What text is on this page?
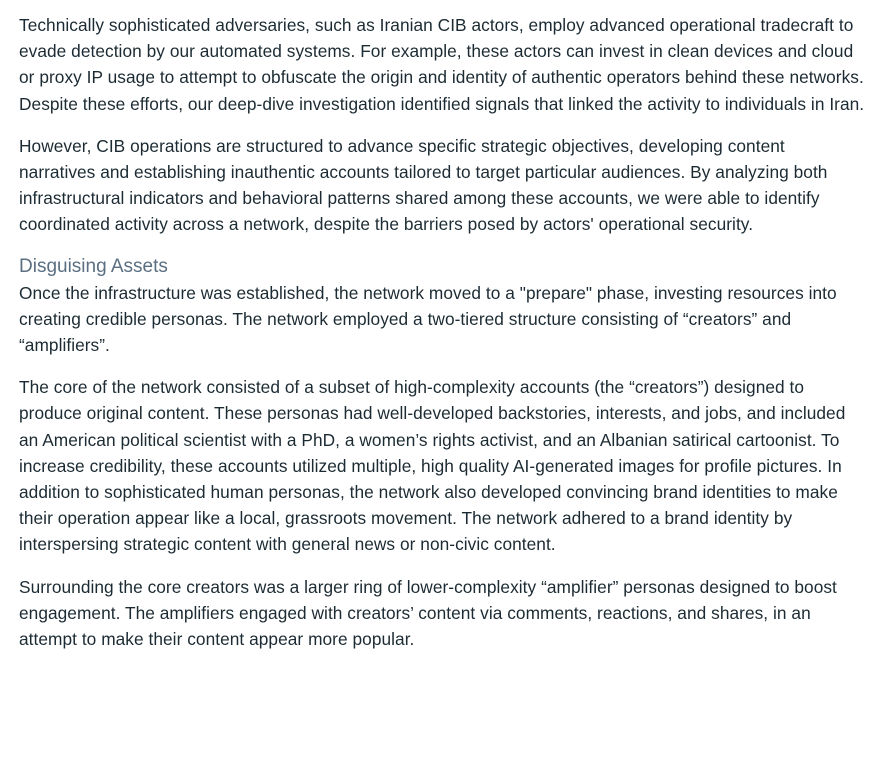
Technically sophisticated adversaries, such as Iranian CIB actors, employ advanced operational tradecraft to evade detection by our automated systems. For example, these actors can invest in clean devices and cloud or proxy IP usage to attempt to obfuscate the origin and identity of authentic operators behind these networks. Despite these efforts, our deep-dive investigation identified signals that linked the activity to individuals in Iran.

However, CIB operations are structured to advance specific strategic objectives, developing content narratives and establishing inauthentic accounts tailored to target particular audiences. By analyzing both infrastructural indicators and behavioral patterns shared among these accounts, we were able to identify coordinated activity across a network, despite the barriers posed by actors' operational security.

Disguising Assets

Once the infrastructure was established, the network moved to a "prepare" phase, investing resources into creating credible personas. The network employed a two-tiered structure consisting of “creators” and “amplifiers”.

The core of the network consisted of a subset of high-complexity accounts (the “creators”) designed to produce original content. These personas had well-developed backstories, interests, and jobs, and included an American political scientist with a PhD, a women’s rights activist, and an Albanian satirical cartoonist. To increase credibility, these accounts utilized multiple, high quality AI-generated images for profile pictures. In addition to sophisticated human personas, the network also developed convincing brand identities to make their operation appear like a local, grassroots movement. The network adhered to a brand identity by interspersing strategic content with general news or non-civic content.

Surrounding the core creators was a larger ring of lower-complexity “amplifier” personas designed to boost engagement. The amplifiers engaged with creators’ content via comments, reactions, and shares, in an attempt to make their content appear more popular.
